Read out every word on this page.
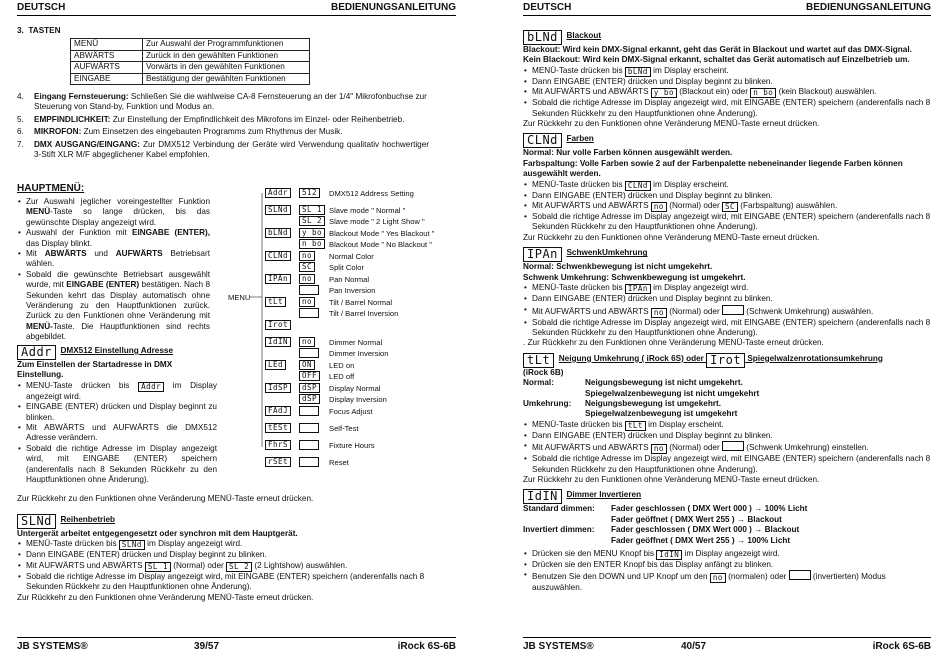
DEUTSCH	BEDIENUNGSANLEITUNG
3. TASTEN
MENÜ	Zur Auswahl der Programmfunktionen
ABWÄRTS	Zurück in den gewählten Funktionen
AUFWÄRTS	Vorwärts in den gewählten Funktionen
EINGABE	Bestätigung der gewählten Funktionen
4. Eingang Fernsteuerung: Schließen Sie die wahlweise CA-8 Fernsteuerung an der 1/4" Mikrofonbuchse zur Steuerung von Stand-by, Funktion und Modus an.
5. EMPFINDLICHKEIT: Zur Einstellung der Empfindlichkeit des Mikrofons im Einzel- oder Reihenbetrieb.
6. MIKROFON: Zum Einsetzen des eingebauten Programms zum Rhythmus der Musik.
7. DMX AUSGANG/EINGANG: Zur DMX512 Verbindung der Geräte wird Verwendung qualitativ hochwertiger 3-Stift XLR M/F abgeglichener Kabel empfohlen.
HAUPTMENÜ:
• Zur Auswahl jeglicher voreingestellter Funktion MENÜ-Taste so lange drücken, bis das gewünschte Display angezeigt wird.
• Auswahl der Funktion mit EINGABE (ENTER), das Display blinkt.
• Mit ABWÄRTS und AUFWÄRTS Betriebsart wählen.
• Sobald die gewünschte Betriebsart ausgewählt wurde, mit EINGABE (ENTER) bestätigen. Nach 8 Sekunden kehrt das Display automatisch ohne Veränderung zu den Hauptfunktionen zurück. Zurück zu den Funktionen ohne Veränderung mit MENÜ-Taste. Die Hauptfunktionen sind rechts abgebildet.
MENU
Addr	512	DMX512 Address Setting
SLNd	SL 1 Slave mode " Normal "
SL 2 Slave mode " 2 Light Show "
bLNd	y bo Blackout Mode " Yes Blackout "
n bo Blackout Mode " No Blackout "
CLNd	no	Normal Color
SC	Split Color
IPAn	no	Pan Normal
Pan Inversion
tLt	no	Tilt / Barrel Normal
Tilt / Barrel Inversion
Irot
IdIN	no	Dimmer Normal
Dimmer Inversion
LEd	ON	LED on
OFF	LED off
IdSP	dSP	Display Normal
dSP	Display Inversion
FAdJ	Focus Adjust
tESt	Self-Test
FhrS	Fixture Hours
rSEt	Reset
Addr DMX512 Einstellung Adresse
Zum Einstellen der Startadresse in DMX Einstellung.
• MENU-Taste drücken bis Addr im Display angezeigt wird.
• EINGABE (ENTER) drücken und Display beginnt zu blinken.
• Mit ABWÄRTS und AUFWÄRTS die DMX512 Adresse verändern.
• Sobald die richtige Adresse im Display angezeigt wird, mit EINGABE (ENTER) speichern (anderenfalls nach 8 Sekunden Rückkehr zu den Hauptfunktionen ohne Änderung).
Zur Rückkehr zu den Funktionen ohne Veränderung MENÜ-Taste erneut drücken.
SLNd Reihenbetrieb
Untergerät arbeitet entgegengesetzt oder synchron mit dem Hauptgerät.
• MENÜ-Taste drücken bis SLNd im Display angezeigt wird.
• Dann EINGABE (ENTER) drücken und Display beginnt zu blinken.
• Mit AUFWÄRTS und ABWÄRTS SL 1 (Normal) oder SL 2 (2 Lightshow) auswählen.
• Sobald die richtige Adresse im Display angezeigt wird, mit EINGABE (ENTER) speichern (anderenfalls nach 8 Sekunden Rückkehr zu den Hauptfunktionen ohne Änderung).
Zur Rückkehr zu den Funktionen ohne Veränderung MENÜ-Taste erneut drücken.
JB SYSTEMS®	39/57	iRock 6S-6B
DEUTSCH	BEDIENUNGSANLEITUNG
bLNd Blackout
Blackout: Wird kein DMX-Signal erkannt, geht das Gerät in Blackout und wartet auf das DMX-Signal.
Kein Blackout: Wird kein DMX-Signal erkannt, schaltet das Gerät automatisch auf Einzelbetrieb um.
• MENÜ-Taste drücken bis bLNd im Display erscheint.
• Dann EINGABE (ENTER) drücken und Display beginnt zu blinken.
• Mit AUFWÄRTS und ABWÄRTS y bo (Blackout ein) oder n bo (kein Blackout) auswählen.
• Sobald die richtige Adresse im Display angezeigt wird, mit EINGABE (ENTER) speichern (anderenfalls nach 8 Sekunden Rückkehr zu den Hauptfunktionen ohne Änderung).
Zur Rückkehr zu den Funktionen ohne Veränderung MENÜ-Taste erneut drücken.
CLNd Farben
Normal: Nur volle Farben können ausgewählt werden.
Farbspaltung: Volle Farben sowie 2 auf der Farbenpalette nebeneinander liegende Farben können ausgewählt werden.
• MENÜ-Taste drücken bis CLNd im Display erscheint.
• Dann EINGABE (ENTER) drücken und Display beginnt zu blinken.
• Mit AUFWÄRTS und ABWÄRTS no (Normal) oder SC (Farbspaltung) auswählen.
• Sobald die richtige Adresse im Display angezeigt wird, mit EINGABE (ENTER) speichern (anderenfalls nach 8 Sekunden Rückkehr zu den Hauptfunktionen ohne Änderung).
Zur Rückkehr zu den Funktionen ohne Veränderung MENÜ-Taste erneut drücken.
IPAn SchwenkUmkehrung
Normal: Schwenkbewegung ist nicht umgekehrt.
Schwenk Umkehrung: Schwenkbewegung ist umgekehrt.
• MENÜ-Taste drücken bis IPAn im Display angezeigt wird.
• Dann EINGABE (ENTER) drücken und Display beginnt zu blinken.
• Mit AUFWÄRTS und ABWÄRTS no (Normal) oder	(Schwenk Umkehrung) auswählen.
• Sobald die richtige Adresse im Display angezeigt wird, mit EINGABE (ENTER) speichern (anderenfalls nach 8 Sekunden Rückkehr zu den Hauptfunktionen ohne Änderung).
. Zur Rückkehr zu den Funktionen ohne Veränderung MENÜ-Taste erneut drücken.
tLt Neigung Umkehrung ( iRock 6S) oder Irot Spiegelwalzenrotationsumkehrung
(iRock 6B)
Normal:	Neigungsbewegung ist nicht umgekehrt.
Spiegelwalzenbewegung ist nicht umgekehrt
Umkehrung: Neigungsbewegung ist umgekehrt.
Spiegelwalzenbewegung ist umgekehrt
• MENÜ-Taste drücken bis tLt im Display erscheint.
• Dann EINGABE (ENTER) drücken und Display beginnt zu blinken.
• Mit AUFWÄRTS und ABWÄRTS no (Normal) oder	(Schwenk Umkehrung) einstellen.
• Sobald die richtige Adresse im Display angezeigt wird, mit EINGABE (ENTER) speichern (anderenfalls nach 8 Sekunden Rückkehr zu den Hauptfunktionen ohne Änderung).
Zur Rückkehr zu den Funktionen ohne Veränderung MENÜ-Taste erneut drücken.
IdIN Dimmer Invertieren
Standard dimmen: Fader geschlossen ( DMX Wert 000 ) → 100% Licht
Fader geöffnet ( DMX Wert 255 ) → Blackout
Invertiert dimmen: Fader geschlossen ( DMX Wert 000 ) → Blackout
Fader geöffnet ( DMX Wert 255 ) → 100% Licht
• Drücken sie den MENU Knopf bis IdIN im Display angezeigt wird.
• Drücken sie den ENTER Knopf bis das Display anfängt zu blinken.
• Benutzen Sie den DOWN und UP Knopf um den no (normalen) oder	(invertierten) Modus auszuwählen.
JB SYSTEMS®	40/57	iRock 6S-6B
